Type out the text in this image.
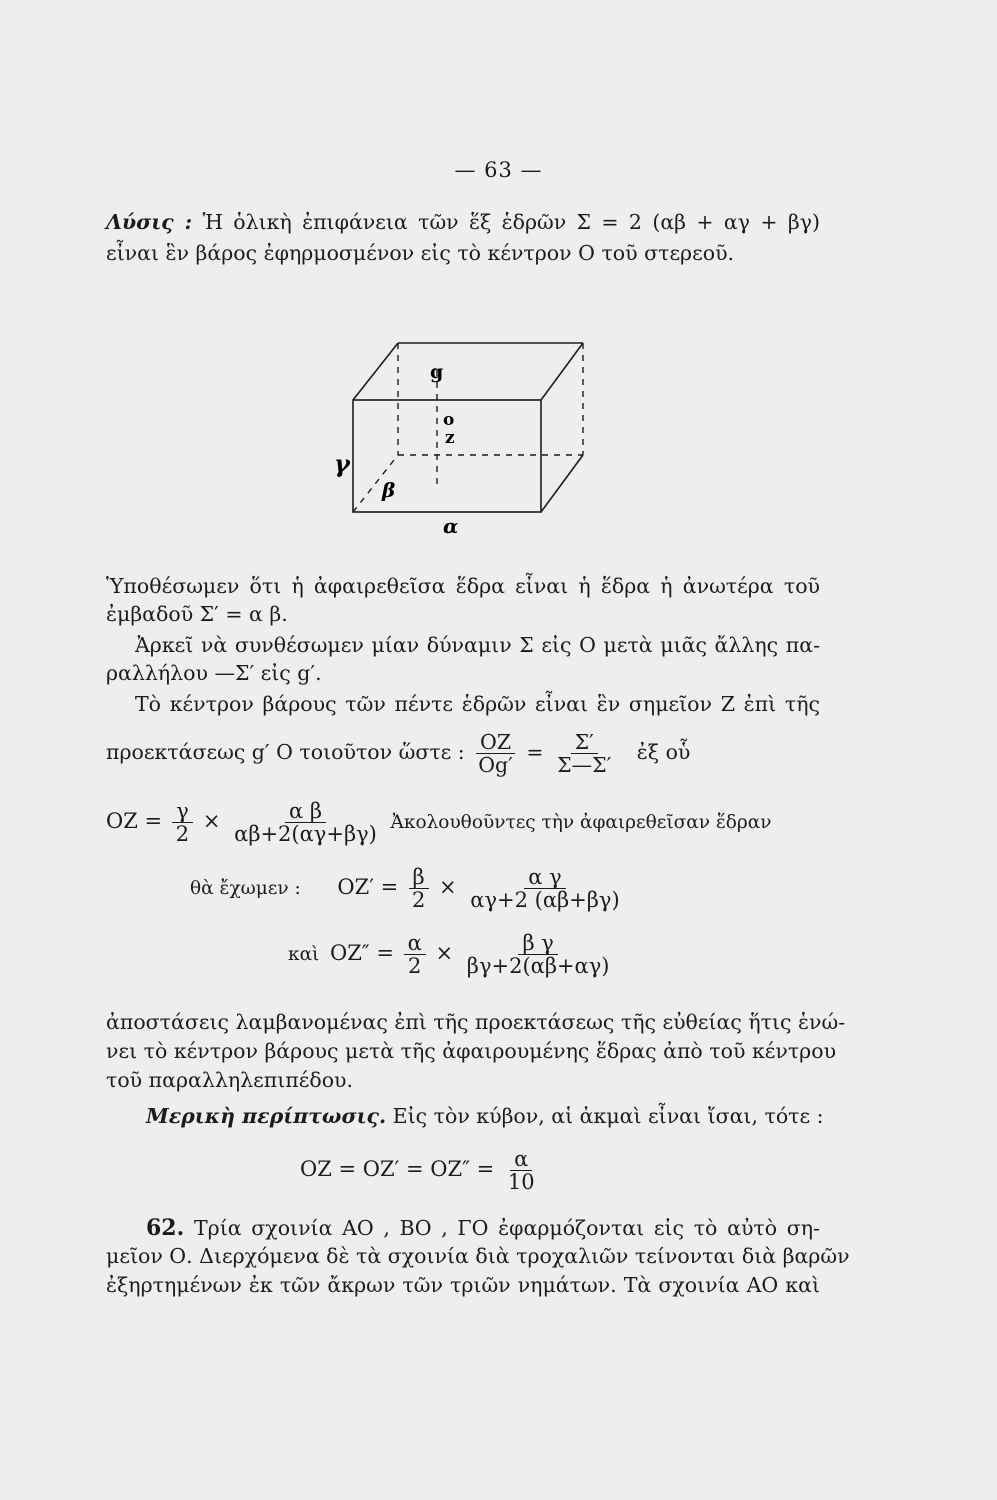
— 63 —
Λύσις : Ἡ ὁλικὴ ἐπιφάνεια τῶν ἕξ ἑδρῶν Σ = 2 (αβ + αγ + βγ)
εἶναι ἓν βάρος ἐφηρμοσμένον εἰς τὸ κέντρον Ο τοῦ στερεοῦ.
g
o
z
β
γ
α
Ὑποθέσωμεν ὅτι ἡ ἀφαιρεθεῖσα ἕδρα εἶναι ἡ ἕδρα ἡ ἀνωτέρα τοῦ
ἐμβαδοῦ Σ′ = α β.
Ἀρκεῖ νὰ συνθέσωμεν μίαν δύναμιν Σ εἰς Ο μετὰ μιᾶς ἄλλης πα-
ραλλήλου —Σ′ εἰς g′.
Τὸ κέντρον βάρους τῶν πέντε ἑδρῶν εἶναι ἓν σημεῖον Ζ ἐπὶ τῆς
προεκτάσεως g′ Ο τοιοῦτον ὥστε : $\frac{OZ}{Og'} = \frac{\Sigma'}{\Sigma—\Sigma'}$ ἐξ οὗ
OZ = $\frac{\gamma}{2} \times \frac{\text{α β}}{\alpha\beta+2(\alpha\gamma+\beta\gamma)}$ Ἀκολουθοῦντες τὴν ἀφαιρεθεῖσαν ἕδραν
θὰ ἔχωμεν : $OZ' = \frac{\beta}{2} \times \frac{\text{α γ}}{\alpha\gamma+2 (\alpha\beta+\beta\gamma)}$
καὶ $OZ'' = \frac{\alpha}{2} \times \frac{\text{β γ}}{\beta\gamma+2(\alpha\beta+\alpha\gamma)}$
ἀποστάσεις λαμβανομένας ἐπὶ τῆς προεκτάσεως τῆς εὐθείας ἥτις ἑνώ-
νει τὸ κέντρον βάρους μετὰ τῆς ἀφαιρουμένης ἕδρας ἀπὸ τοῦ κέντρου
τοῦ παραλληλεπιπέδου.
Μερικὴ περίπτωσις. Εἰς τὸν κύβον, αἱ ἀκμαὶ εἶναι ἴσαι, τότε :
OZ = $OZ' = OZ'' = \frac{\alpha}{10}$
62. Τρία σχοινία ΑΟ , ΒΟ , ΓΟ ἐφαρμόζονται εἰς τὸ αὐτὸ ση-
μεῖον Ο. Διερχόμενα δὲ τὰ σχοινία διὰ τροχαλιῶν τείνονται διὰ βαρῶν
ἐξηρτημένων ἐκ τῶν ἄκρων τῶν τριῶν νημάτων. Τὰ σχοινία ΑΟ καὶ
